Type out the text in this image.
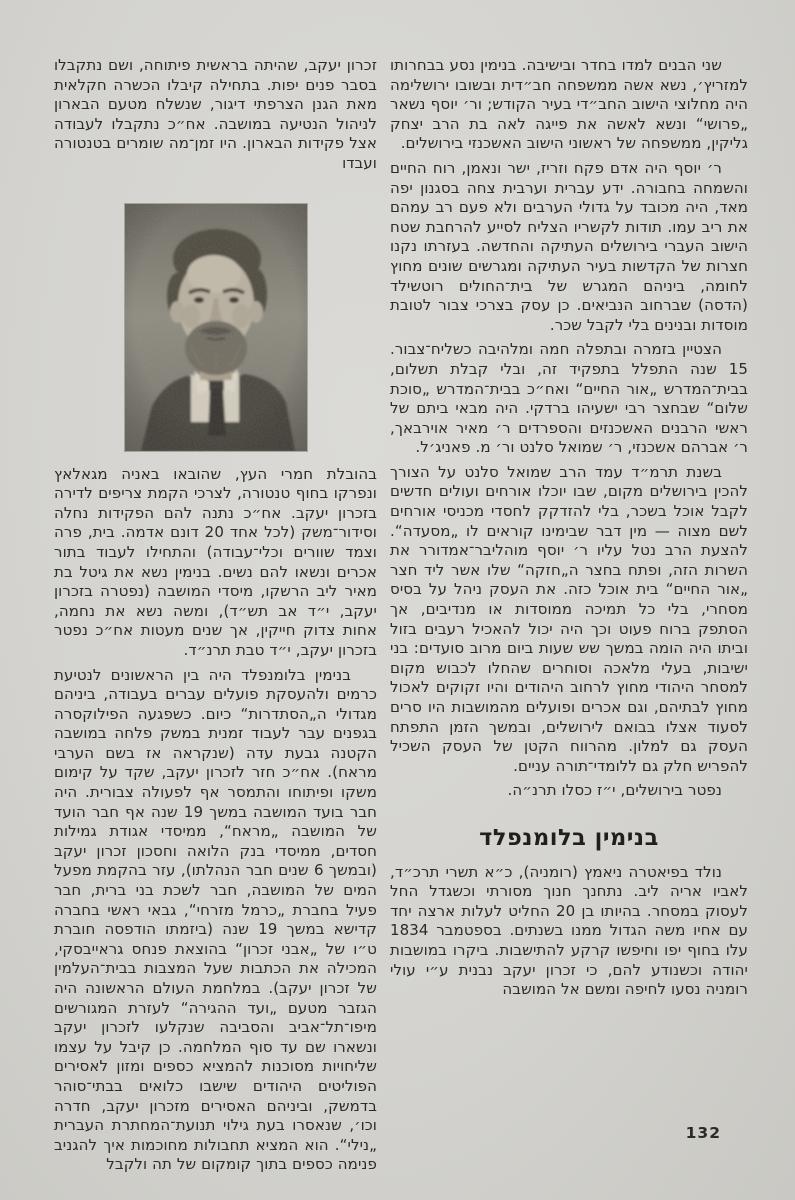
שני הבנים למדו בחדר ובישיבה. בנימין נסע בבחרותו למזריץ׳, נשא אשה ממשפחה חב״דית ובשובו ירושלימה היה מחלוצי הישוב החב״די בעיר הקודש; ור׳ יוסף נשאר „פרושי“ ונשא לאשה את פייגה לאה בת הרב יצחק גליקין, ממשפחה של ראשוני הישוב האשכנזי בירושלים.

ר׳ יוסף היה אדם פקח וזריז, ישר ונאמן, רוח החיים והשמחה בחבורה. ידע עברית וערבית צחה בסגנון יפה מאד, היה מכובד על גדולי הערבים ולא פעם רב עמהם את ריב עמו. תודות לקשריו הצליח לסייע להרחבת שטח הישוב העברי בירושלים העתיקה והחדשה. בעזרתו נקנו חצרות של הקדשות בעיר העתיקה ומגרשים שונים מחוץ לחומה, ביניהם המגרש של בית־החולים רוטשילד (הדסה) שברחוב הנביאים. כן עסק בצרכי צבור לטובת מוסדות ובנינים בלי לקבל שכר.

הצטיין בזמרה ובתפלה חמה ומלהיבה כשליח־צבור. 15 שנה התפלל בתפקיד זה, ובלי קבלת תשלום, בבית־המדרש „אור החיים“ ואח״כ בבית־המדרש „סוכת שלום“ שבחצר רבי ישעיהו ברדקי. היה מבאי ביתם של ראשי הרבנים האשכנזים והספרדים ר׳ מאיר אוירבאך, ר׳ אברהם אשכנזי, ר׳ שמואל סלנט ור׳ מ. פאניג׳ל.

בשנת תרמ״ד עמד הרב שמואל סלנט על הצורך להכין בירושלים מקום, שבו יוכלו אורחים ועולים חדשים לקבל אוכל בשכר, בלי להזדקק לחסדי מכניסי אורחים לשם מצוה — מין דבר שבימינו קוראים לו „מסעדה“. להצעת הרב נטל עליו ר׳ יוסף מוהליבר־אמדורר את השרות הזה, ופתח בחצר ה„חזקה“ שלו אשר ליד חצר „אור החיים“ בית אוכל כזה. את העסק ניהל על בסיס מסחרי, בלי כל תמיכה ממוסדות או מנדיבים, אך הסתפק ברוח פעוט וכך היה יכול להאכיל רעבים בזול וביתו היה הומה במשך שש שעות ביום מרוב סועדים: בני ישיבות, בעלי מלאכה וסוחרים שהחלו לכבוש מקום למסחר היהודי מחוץ לרחוב היהודים והיו זקוקים לאכול מחוץ לבתיהם, וגם אכרים ופועלים מהמושבות היו סרים לסעוד אצלו בבואם לירושלים, ובמשך הזמן התפתח העסק גם למלון. מהרווח הקטן של העסק השכיל להפריש חלק גם ללומדי־תורה עניים.

נפטר בירושלים, י״ז כסלו תרנ״ה.

בנימין בלומנפלד

נולד בפיאטרה ניאמץ (רומניה), כ״א תשרי תרכ״ד, לאביו אריה ליב. נתחנך חנוך מסורתי וכשגדל החל לעסוק במסחר. בהיותו בן 20 החליט לעלות ארצה יחד עם אחיו משה הגדול ממנו בשנתים. בספטמבר 1834 עלו בחוף יפו וחיפשו קרקע להתישבות. ביקרו במושבות יהודה וכשנודע להם, כי זכרון יעקב נבנית ע״י עולי רומניה נסעו לחיפה ומשם אל המושבה

זכרון יעקב, שהיתה בראשית פיתוחה, ושם נתקבלו בסבר פנים יפות. בתחילה קיבלו הכשרה חקלאית מאת הגנן הצרפתי דיגור, שנשלח מטעם הבארון לניהול הנטיעה במושבה. אח״כ נתקבלו לעבודה אצל פקידות הבארון. היו זמן־מה שומרים בטנטורה ועבדו

בהובלת חמרי העץ, שהובאו באניה מגאלאץ ונפרקו בחוף טנטורה, לצרכי הקמת צריפים לדירה בזכרון יעקב. אח״כ נתנה להם הפקידות נחלה וסידור־משק (לכל אחד 20 דונם אדמה. בית, פרה וצמד שוורים וכלי־עבודה) והתחילו לעבוד בתור אכרים ונשאו להם נשים. בנימין נשא את גיטל בת מאיר ליב הרשקו, מיסדי המושבה (נפטרה בזכרון יעקב, י״ד אב תש״ד), ומשה נשא את נחמה, אחות צדוק חייקין, אך שנים מעטות אח״כ נפטר בזכרון יעקב, י״ד טבת תרנ״ד.

בנימין בלומנפלד היה בין הראשונים לנטיעת כרמים ולהעסקת פועלים עברים בעבודה, ביניהם מגדולי ה„הסתדרות“ כיום. כשפגעה הפילוקסרה בגפנים עבר לעבוד זמנית במשק פלחה במושבה הקטנה גבעת עדה (שנקראה אז בשם הערבי מראח). אח״כ חזר לזכרון יעקב, שקד על קימום משקו ופיתוחו והתמסר אף לפעולה צבורית. היה חבר בועד המושבה במשך 19 שנה אף חבר הועד של המושבה „מראח“, ממיסדי אגודת גמילות חסדים, ממיסדי בנק הלואה וחסכון זכרון יעקב (ובמשך 6 שנים חבר הנהלתו), עזר בהקמת מפעל המים של המושבה, חבר לשכת בני ברית, חבר פעיל בחברת „כרמל מזרחי“, גבאי ראשי בחברה קדישא במשך 19 שנה (ביזמתו הודפסה חוברת ט״ו של „אבני זכרון“ בהוצאת פנחס גראייבסקי, המכילה את הכתבות שעל המצבות בבית־העלמין של זכרון יעקב). במלחמת העולם הראשונה היה הגזבר מטעם „ועד ההגירה“ לעזרת המגורשים מיפו־תל־אביב והסביבה שנקלעו לזכרון יעקב ונשארו שם עד סוף המלחמה. כן קיבל על עצמו שליחויות מסוכנות להמציא כספים ומזון לאסירים הפוליטים היהודים שישבו כלואים בבתי־סוהר בדמשק, וביניהם האסירים מזכרון יעקב, חדרה וכו׳, שנאסרו בעת גילוי תנועת־המחתרת העברית „נילי“. הוא המציא תחבולות מחוכמות איך להגניב פנימה כספים בתוך קומקום של תה ולקבל

132
